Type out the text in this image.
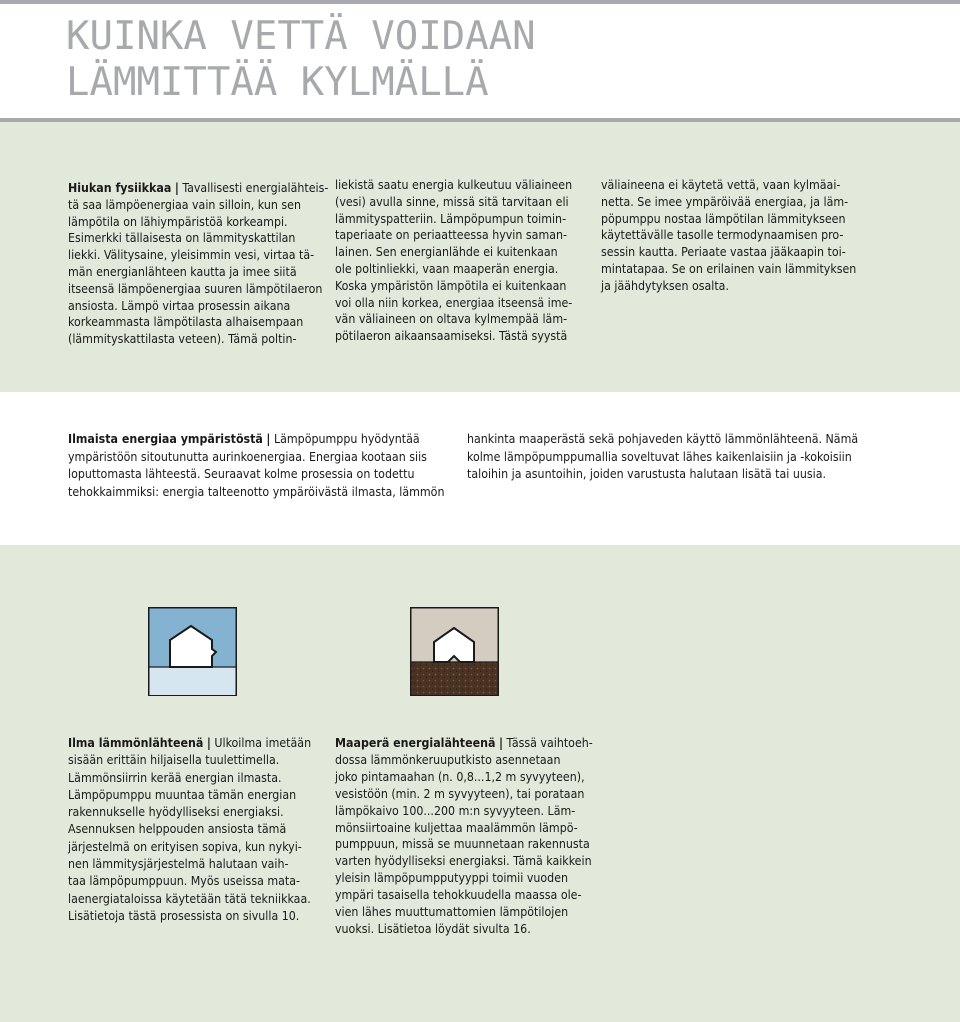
KUINKA VETTÄ VOIDAAN
LÄMMITTÄÄ KYLMÄLLÄ

Hiukan fysiikkaa | Tavallisesti energialähteis-

tä saa lämpöenergiaa vain silloin, kun sen

lämpötila on lähiympäristöä korkeampi.

Esimerkki tällaisesta on lämmityskattilan

liekki. Välitysaine, yleisimmin vesi, virtaa tä-

män energianlähteen kautta ja imee siitä

itseensä lämpöenergiaa suuren lämpötilaeron

ansiosta. Lämpö virtaa prosessin aikana

korkeammasta lämpötilasta alhaisempaan

(lämmityskattilasta veteen). Tämä poltin-

liekistä saatu energia kulkeutuu väliaineen

(vesi) avulla sinne, missä sitä tarvitaan eli

lämmityspatteriin. Lämpöpumpun toimin-

taperiaate on periaatteessa hyvin saman-

lainen. Sen energianlähde ei kuitenkaan

ole poltinliekki, vaan maaperän energia.

Koska ympäristön lämpötila ei kuitenkaan

voi olla niin korkea, energiaa itseensä ime-

vän väliaineen on oltava kylmempää läm-

pötilaeron aikaansaamiseksi. Tästä syystä

väliaineena ei käytetä vettä, vaan kylmäai-

netta. Se imee ympäröivää energiaa, ja läm-

pöpumppu nostaa lämpötilan lämmitykseen

käytettävälle tasolle termodynaamisen pro-

sessin kautta. Periaate vastaa jääkaapin toi-

mintatapaa. Se on erilainen vain lämmityksen

ja jäähdytyksen osalta.

Ilmaista energiaa ympäristöstä | Lämpöpumppu hyödyntää

ympäristöön sitoutunutta aurinkoenergiaa. Energiaa kootaan siis

loputtomasta lähteestä. Seuraavat kolme prosessia on todettu

tehokkaimmiksi: energia talteenotto ympäröivästä ilmasta, lämmön

hankinta maaperästä sekä pohjaveden käyttö lämmönlähteenä. Nämä

kolme lämpöpumppumallia soveltuvat lähes kaikenlaisiin ja -kokoisiin

taloihin ja asuntoihin, joiden varustusta halutaan lisätä tai uusia.

Ilma lämmönlähteenä | Ulkoilma imetään

sisään erittäin hiljaisella tuulettimella.

Lämmönsiirrin kerää energian ilmasta.

Lämpöpumppu muuntaa tämän energian

rakennukselle hyödylliseksi energiaksi.

Asennuksen helppouden ansiosta tämä

järjestelmä on erityisen sopiva, kun nykyi-

nen lämmitysjärjestelmä halutaan vaih-

taa lämpöpumppuun. Myös useissa mata-

laenergiataloissa käytetään tätä tekniikkaa.

Lisätietoja tästä prosessista on sivulla 10.

Maaperä energialähteenä | Tässä vaihtoeh-

dossa lämmönkeruuputkisto asennetaan

joko pintamaahan (n. 0,8...1,2 m syvyyteen),

vesistöön (min. 2 m syvyyteen), tai porataan

lämpökaivo 100...200 m:n syvyyteen. Läm-

mönsiirtoaine kuljettaa maalämmön lämpö-

pumppuun, missä se muunnetaan rakennusta

varten hyödylliseksi energiaksi. Tämä kaikkein

yleisin lämpöpumpputyyppi toimii vuoden

ympäri tasaisella tehokkuudella maassa ole-

vien lähes muuttumattomien lämpötilojen

vuoksi. Lisätietoa löydät sivulta 16.
